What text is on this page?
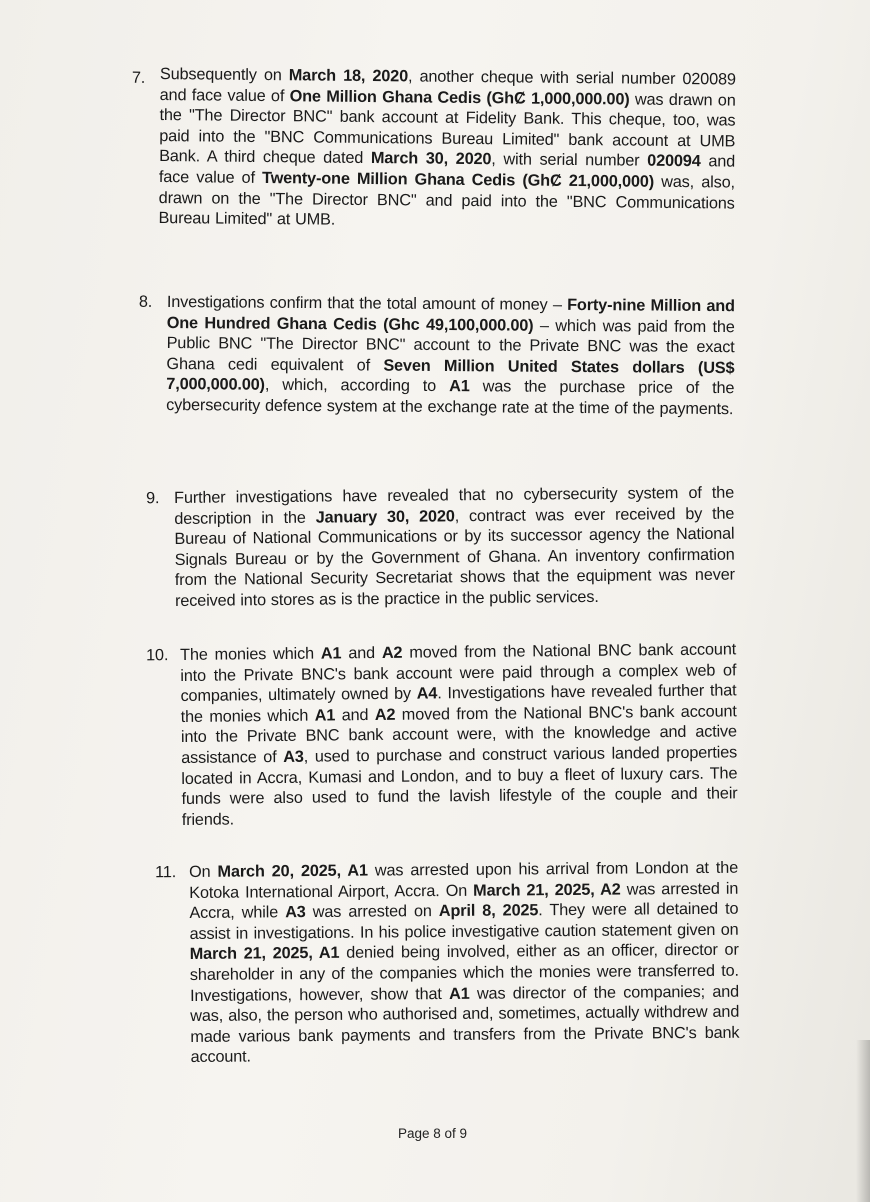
7. Subsequently on March 18, 2020, another cheque with serial number 020089 and face value of One Million Ghana Cedis (GhȻ 1,000,000.00) was drawn on the "The Director BNC" bank account at Fidelity Bank. This cheque, too, was paid into the "BNC Communications Bureau Limited" bank account at UMB Bank. A third cheque dated March 30, 2020, with serial number 020094 and face value of Twenty-one Million Ghana Cedis (GhȻ 21,000,000) was, also, drawn on the "The Director BNC" and paid into the "BNC Communications Bureau Limited" at UMB.
8. Investigations confirm that the total amount of money – Forty-nine Million and One Hundred Ghana Cedis (Ghc 49,100,000.00) – which was paid from the Public BNC "The Director BNC" account to the Private BNC was the exact Ghana cedi equivalent of Seven Million United States dollars (US$ 7,000,000.00), which, according to A1 was the purchase price of the cybersecurity defence system at the exchange rate at the time of the payments.
9. Further investigations have revealed that no cybersecurity system of the description in the January 30, 2020, contract was ever received by the Bureau of National Communications or by its successor agency the National Signals Bureau or by the Government of Ghana. An inventory confirmation from the National Security Secretariat shows that the equipment was never received into stores as is the practice in the public services.
10. The monies which A1 and A2 moved from the National BNC bank account into the Private BNC's bank account were paid through a complex web of companies, ultimately owned by A4. Investigations have revealed further that the monies which A1 and A2 moved from the National BNC's bank account into the Private BNC bank account were, with the knowledge and active assistance of A3, used to purchase and construct various landed properties located in Accra, Kumasi and London, and to buy a fleet of luxury cars. The funds were also used to fund the lavish lifestyle of the couple and their friends.
11. On March 20, 2025, A1 was arrested upon his arrival from London at the Kotoka International Airport, Accra. On March 21, 2025, A2 was arrested in Accra, while A3 was arrested on April 8, 2025. They were all detained to assist in investigations. In his police investigative caution statement given on March 21, 2025, A1 denied being involved, either as an officer, director or shareholder in any of the companies which the monies were transferred to. Investigations, however, show that A1 was director of the companies; and was, also, the person who authorised and, sometimes, actually withdrew and made various bank payments and transfers from the Private BNC's bank account.
Page 8 of 9
